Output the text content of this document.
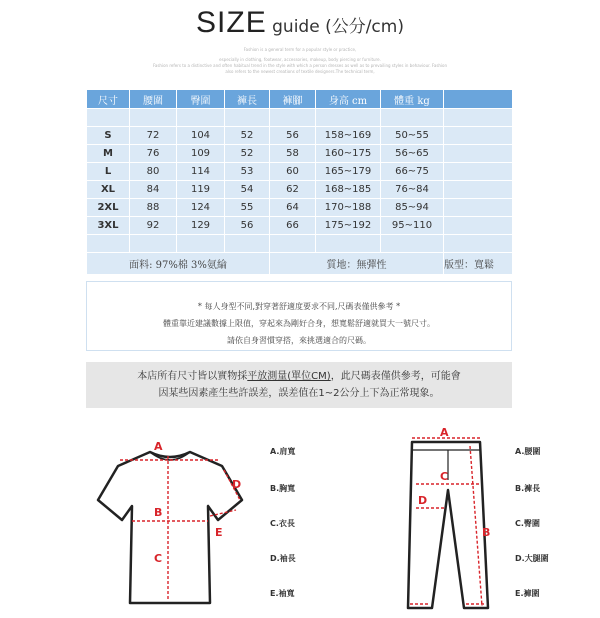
SIZE guide (公分/cm)
Fashion is a general term for a popular style or practice,
especially in clothing, footwear, accessories, makeup, body piercing or furniture.
Fashion refers to a distinctive and often habitual trend in the style with which a person dresses as well as to prevailing styles in behaviour. Fashion
also refers to the newest creations of textile designers.The technical term,
尺寸	腰圍	臀圍	褲長	褲腳	身高 cm	體重 kg	

S	72	104	52	56	158~169	50~55	
M	76	109	52	58	160~175	56~65	
L	80	114	53	60	165~179	66~75	
XL	84	119	54	62	168~185	76~84	
2XL	88	124	55	64	170~188	85~94	
3XL	92	129	56	66	175~192	95~110	

面料: 97%棉 3%氨綸				質地：無彈性			版型：寬鬆
* 每人身型不同,對穿著舒適度要求不同,尺碼表僅供參考 *
體重靠近建議數據上限值，穿起來為剛好合身，想寬鬆舒適就買大一號尺寸。
請依自身習慣穿搭，來挑選適合的尺碼。
本店所有尺寸皆以實物採平放測量(單位CM)，此尺碼表僅供參考，可能會
因某些因素產生些許誤差，誤差值在1~2公分上下為正常現象。
A
B
C
D
E
A.肩寬
B.胸寬
C.衣長
D.袖長
E.袖寬
A
C
D
B
A.腰圍
B.褲長
C.臀圍
D.大腿圍
E.褲圍
